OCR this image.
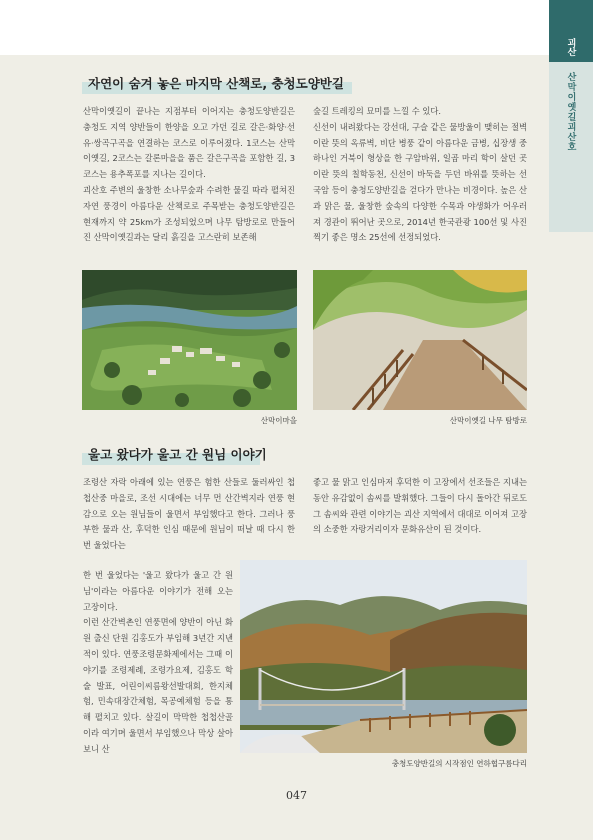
괴산
산막이옛길괴산호
자연이 숨겨 놓은 마지막 산책로, 충청도양반길

산막이옛길이 끝나는 지점부터 이어지는 충청도양반길은 충청도 지역 양반들이 한양을 오고 가던 길로 갈은·화양·선유·쌍곡구곡을 연결하는 코스로 이루어졌다. 1코스는 산막이옛길, 2코스는 갈론마을을 품은 갈은구곡을 포함한 길, 3코스는 용추폭포를 지나는 길이다.

괴산호 주변의 울창한 소나무숲과 수려한 물길 따라 펼쳐진 자연 풍경이 아름다운 산책로로 주목받는 충청도양반길은 현재까지 약 25km가 조성되었으며 나무 탐방로로 만들어진 산막이옛길과는 달리 흙길을 고스란히 보존해

숲길 트레킹의 묘미를 느낄 수 있다.

신선이 내려왔다는 강선대, 구슬 같은 물방울이 맺히는 절벽이란 뜻의 옥류벽, 비단 병풍 같이 아름다운 금병, 십장생 중 하나인 거북이 형상을 한 구암바위, 일곱 마리 학이 살던 곳이란 뜻의 칠학동천, 신선이 바둑을 두던 바위를 뜻하는 선국암 등이 충청도양반길을 걷다가 만나는 비경이다. 높은 산과 맑은 물, 울창한 숲속의 다양한 수목과 야생화가 어우러져 경관이 뛰어난 곳으로, 2014년 한국관광 100선 및 사진 찍기 좋은 명소 25선에 선정되었다.

산막이마을	산막이옛길 나무 탐방로
울고 왔다가 울고 간 원님 이야기

조령산 자락 아래에 있는 연풍은 험한 산들로 둘러싸인 첩첩산중 마을로, 조선 시대에는 너무 먼 산간벽지라 연풍 현감으로 오는 원님들이 울면서 부임했다고 한다. 그러나 풍부한 물과 산, 후덕한 인심 때문에 원님이 떠날 때 다시 한 번 울었다는

한 번 울었다는 '울고 왔다가 울고 간 원님'이라는 아름다운 이야기가 전해 오는 고장이다.

이런 산간벽촌인 연풍면에 양반이 아닌 화원 출신 단원 김홍도가 부임해 3년간 지낸 적이 있다. 연풍조령문화제에서는 그때 이야기를 조령제례, 조령가요제, 김홍도 학술 발표, 어린이씨름왕선발대회, 한지체험, 민속대장간체험, 목공예체험 등을 통해 펼치고 있다. 살길이 막막한 첩첩산골이라 여기며 울면서 부임했으나 막상 살아 보니 산

좋고 물 맑고 인심마저 후덕한 이 고장에서 선조들은 지내는 동안 유감없이 솜씨를 발휘했다. 그들이 다시 돌아간 뒤로도 그 솜씨와 관련 이야기는 괴산 지역에서 대대로 이어져 고장의 소중한 자랑거리이자 문화유산이 된 것이다.

충청도양반길의 시작점인 연하협구름다리
047
